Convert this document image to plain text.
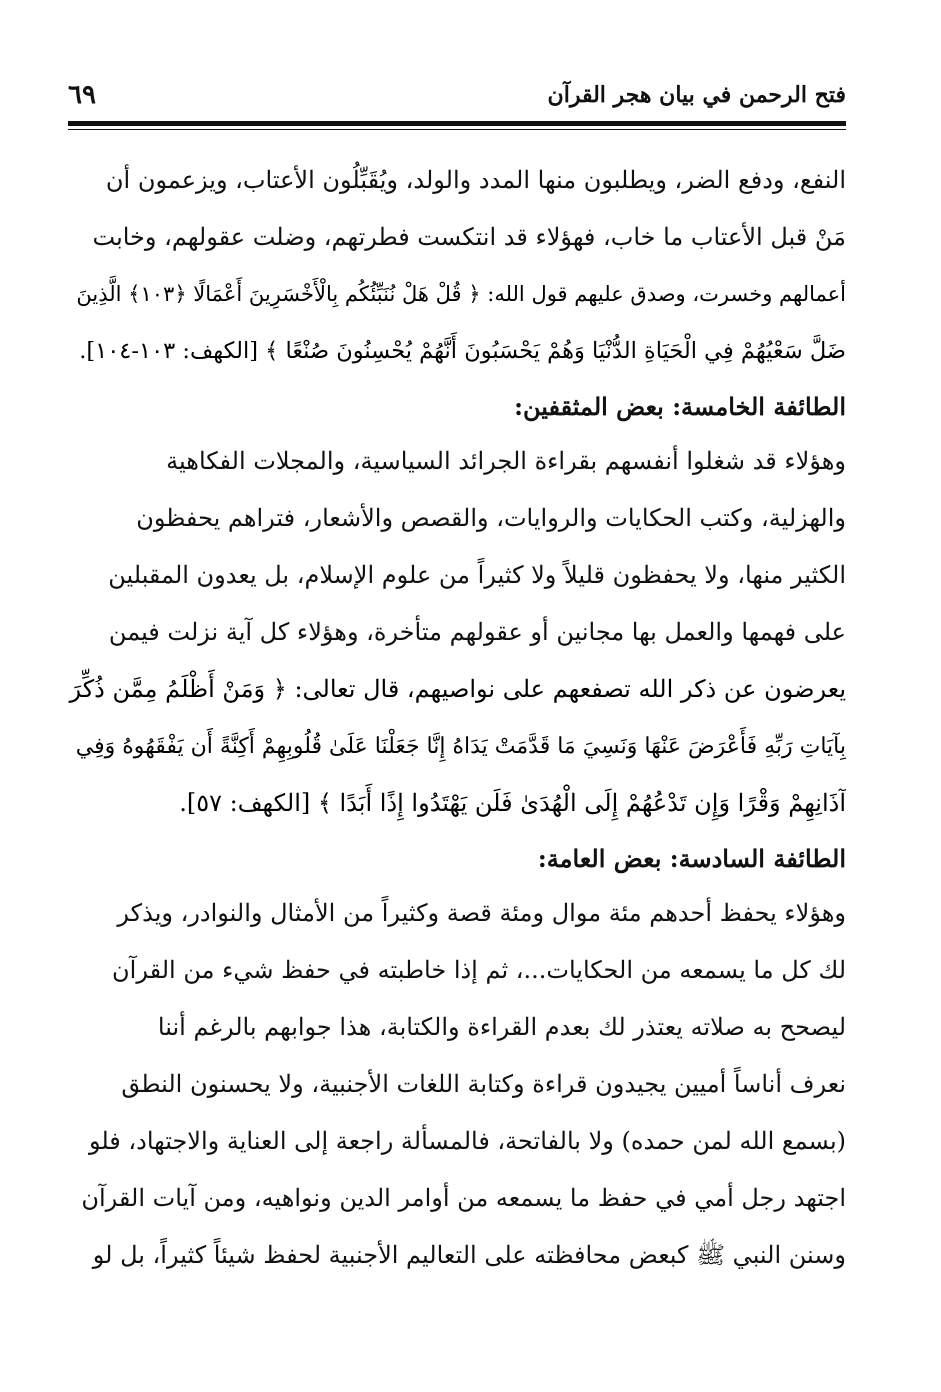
فتح الرحمن في بيان هجر القرآن
٦٩
النفع، ودفع الضر، ويطلبون منها المدد والولد، ويُقَبِّلُون الأعتاب، ويزعمون أن
مَنْ قبل الأعتاب ما خاب، فهؤلاء قد انتكست فطرتهم، وضلت عقولهم، وخابت
أعمالهم وخسرت، وصدق عليهم قول الله: ﴿ قُلْ هَلْ نُنَبِّئُكُم بِالْأَخْسَرِينَ أَعْمَالًا ﴿١٠٣﴾ الَّذِينَ
ضَلَّ سَعْيُهُمْ فِي الْحَيَاةِ الدُّنْيَا وَهُمْ يَحْسَبُونَ أَنَّهُمْ يُحْسِنُونَ صُنْعًا ﴾ [الكهف: ١٠٣-١٠٤].
الطائفة الخامسة: بعض المثقفين:
وهؤلاء قد شغلوا أنفسهم بقراءة الجرائد السياسية، والمجلات الفكاهية
والهزلية، وكتب الحكايات والروايات، والقصص والأشعار، فتراهم يحفظون
الكثير منها، ولا يحفظون قليلاً ولا كثيراً من علوم الإسلام، بل يعدون المقبلين
على فهمها والعمل بها مجانين أو عقولهم متأخرة، وهؤلاء كل آية نزلت فيمن
يعرضون عن ذكر الله تصفعهم على نواصيهم، قال تعالى: ﴿ وَمَنْ أَظْلَمُ مِمَّن ذُكِّرَ
بِآيَاتِ رَبِّهِ فَأَعْرَضَ عَنْهَا وَنَسِيَ مَا قَدَّمَتْ يَدَاهُ إِنَّا جَعَلْنَا عَلَىٰ قُلُوبِهِمْ أَكِنَّةً أَن يَفْقَهُوهُ وَفِي
آذَانِهِمْ وَقْرًا وَإِن تَدْعُهُمْ إِلَى الْهُدَىٰ فَلَن يَهْتَدُوا إِذًا أَبَدًا ﴾ [الكهف: ٥٧].
الطائفة السادسة: بعض العامة:
وهؤلاء يحفظ أحدهم مئة موال ومئة قصة وكثيراً من الأمثال والنوادر، ويذكر
لك كل ما يسمعه من الحكايات...، ثم إذا خاطبته في حفظ شيء من القرآن
ليصحح به صلاته يعتذر لك بعدم القراءة والكتابة، هذا جوابهم بالرغم أننا
نعرف أناساً أميين يجيدون قراءة وكتابة اللغات الأجنبية، ولا يحسنون النطق
(بسمع الله لمن حمده) ولا بالفاتحة، فالمسألة راجعة إلى العناية والاجتهاد، فلو
اجتهد رجل أمي في حفظ ما يسمعه من أوامر الدين ونواهيه، ومن آيات القرآن
وسنن النبي ﷺ كبعض محافظته على التعاليم الأجنبية لحفظ شيئاً كثيراً، بل لو
